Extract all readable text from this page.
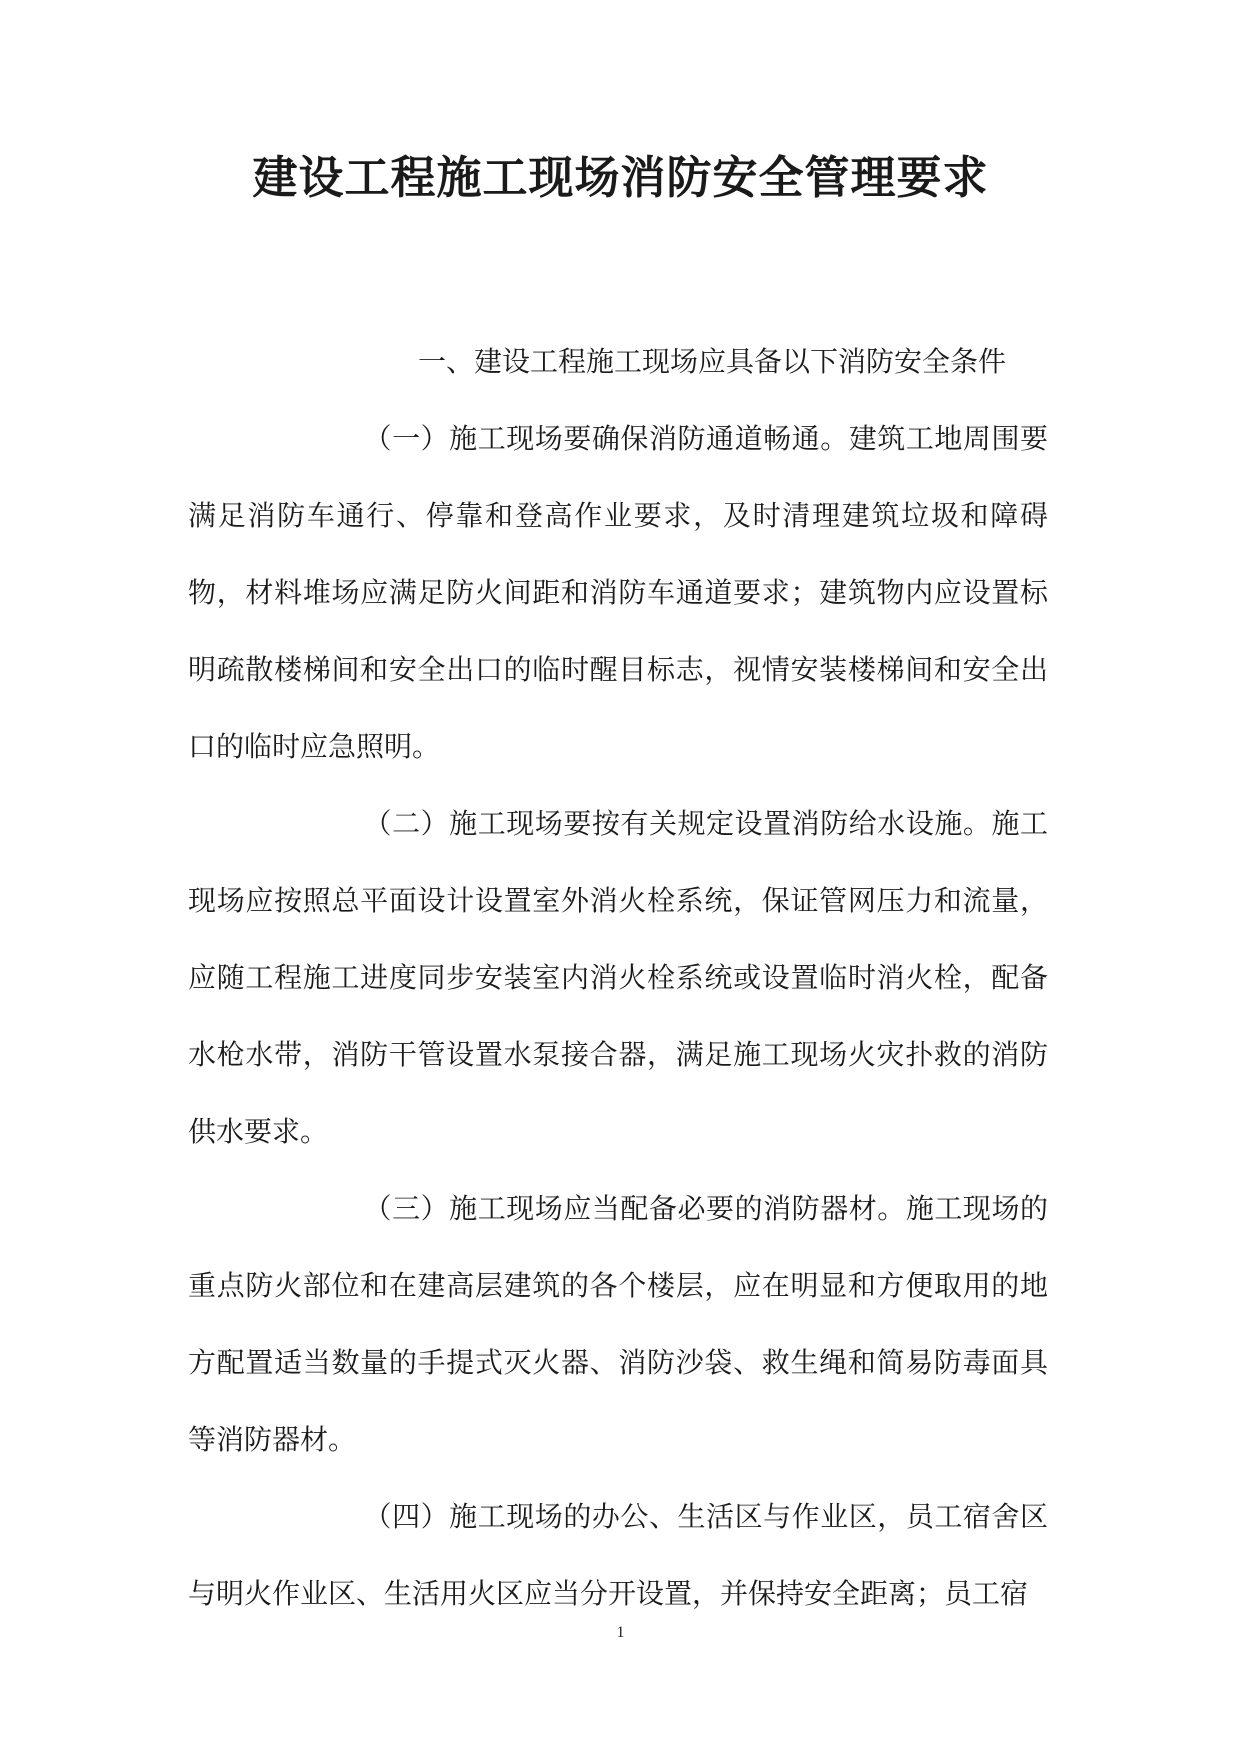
建设工程施工现场消防安全管理要求

一、建设工程施工现场应具备以下消防安全条件

（一）施工现场要确保消防通道畅通。建筑工地周围要满足消防车通行、停靠和登高作业要求，及时清理建筑垃圾和障碍物，材料堆场应满足防火间距和消防车通道要求；建筑物内应设置标明疏散楼梯间和安全出口的临时醒目标志，视情安装楼梯间和安全出口的临时应急照明。

（二）施工现场要按有关规定设置消防给水设施。施工现场应按照总平面设计设置室外消火栓系统，保证管网压力和流量，应随工程施工进度同步安装室内消火栓系统或设置临时消火栓，配备水枪水带，消防干管设置水泵接合器，满足施工现场火灾扑救的消防供水要求。

（三）施工现场应当配备必要的消防器材。施工现场的重点防火部位和在建高层建筑的各个楼层，应在明显和方便取用的地方配置适当数量的手提式灭火器、消防沙袋、救生绳和简易防毒面具等消防器材。

（四）施工现场的办公、生活区与作业区，员工宿舍区与明火作业区、生活用火区应当分开设置，并保持安全距离；员工宿

1
